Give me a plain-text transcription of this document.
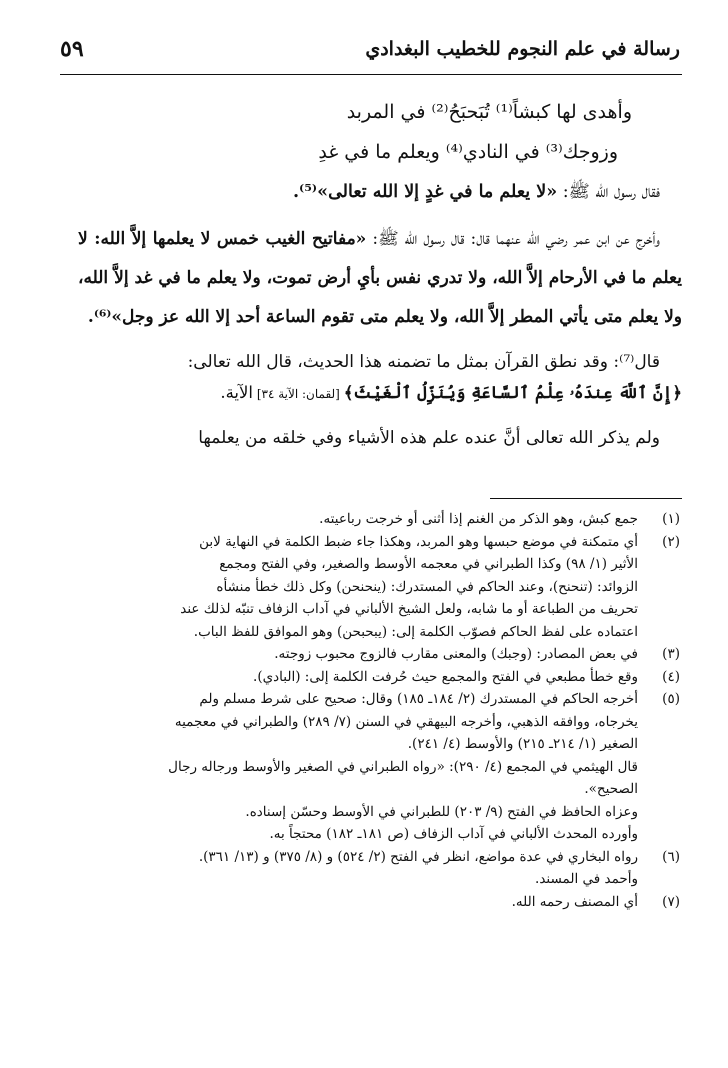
رسالة في علم النجوم للخطيب البغدادي
٥٩
وأهدى لها كبشاً⁽¹⁾ تُبَحبَحُ⁽²⁾ في المربد
وزوجك⁽³⁾ في النادي⁽⁴⁾ ويعلم ما في غدِ
فقال رسول الله ﷺ: «لا يعلم ما في غدٍ إلا الله تعالى»⁽⁵⁾.
وأخرج عن ابن عمر رضي الله عنهما قال: قال رسول الله ﷺ: «مفاتيح الغيب خمس لا يعلمها إلاَّ الله: لا يعلم ما في الأرحام إلاَّ الله، ولا تدري نفس بأيِ أرض تموت، ولا يعلم ما في غد إلاَّ الله، ولا يعلم متى يأتي المطر إلاَّ الله، ولا يعلم متى تقوم الساعة أحد إلا الله عز وجل»⁽⁶⁾.
قال⁽⁷⁾: وقد نطق القرآن بمثل ما تضمنه هذا الحديث، قال الله تعالى:
﴿إِنَّ ٱللَّهَ عِندَهُۥ عِلْمُ ٱلسَّاعَةِ وَيُنَزِّلُ ٱلْغَيْثَ﴾ [لقمان: الآية ٣٤] الآية.
ولم يذكر الله تعالى أنَّ عنده علم هذه الأشياء وفي خلقه من يعلمها
(١)
جمع كبش، وهو الذكر من الغنم إذا أثنى أو خرجت رباعيته.
(٢)
أي متمكنة في موضع حبسها وهو المربد، وهكذا جاء ضبط الكلمة في النهاية لابن
الأثير (١/ ٩٨) وكذا الطبراني في معجمه الأوسط والصغير، وفي الفتح ومجمع
الزوائد: (تنحنح)، وعند الحاكم في المستدرك: (ينحنحن) وكل ذلك خطأ منشأه
تحريف من الطباعة أو ما شابه، ولعل الشيخ الألباني في آداب الزفاف تنبّه لذلك عند
اعتماده على لفظ الحاكم فصوّب الكلمة إلى: (يبحبحن) وهو الموافق للفظ الباب.
(٣)
في بعض المصادر: (وجبك) والمعنى مقارب فالزوج محبوب زوجته.
(٤)
وقع خطأ مطبعي في الفتح والمجمع حيث حُرفت الكلمة إلى: (البادي).
(٥)
أخرجه الحاكم في المستدرك (٢/ ١٨٤ـ ١٨٥) وقال: صحيح على شرط مسلم ولم
يخرجاه، ووافقه الذهبي، وأخرجه البيهقي في السنن (٧/ ٢٨٩) والطبراني في معجميه
الصغير (١/ ٢١٤ـ ٢١٥) والأوسط (٤/ ٢٤١).
قال الهيثمي في المجمع (٤/ ٢٩٠): «رواه الطبراني في الصغير والأوسط ورجاله رجال
الصحيح».
وعزاه الحافظ في الفتح (٩/ ٢٠٣) للطبراني في الأوسط وحسّن إسناده.
وأورده المحدث الألباني في آداب الزفاف (ص ١٨١ـ ١٨٢) محتجاً به.
(٦)
رواه البخاري في عدة مواضع، انظر في الفتح (٢/ ٥٢٤) و (٨/ ٣٧٥) و (١٣/ ٣٦١).
وأحمد في المسند.
(٧)
أي المصنف رحمه الله.
